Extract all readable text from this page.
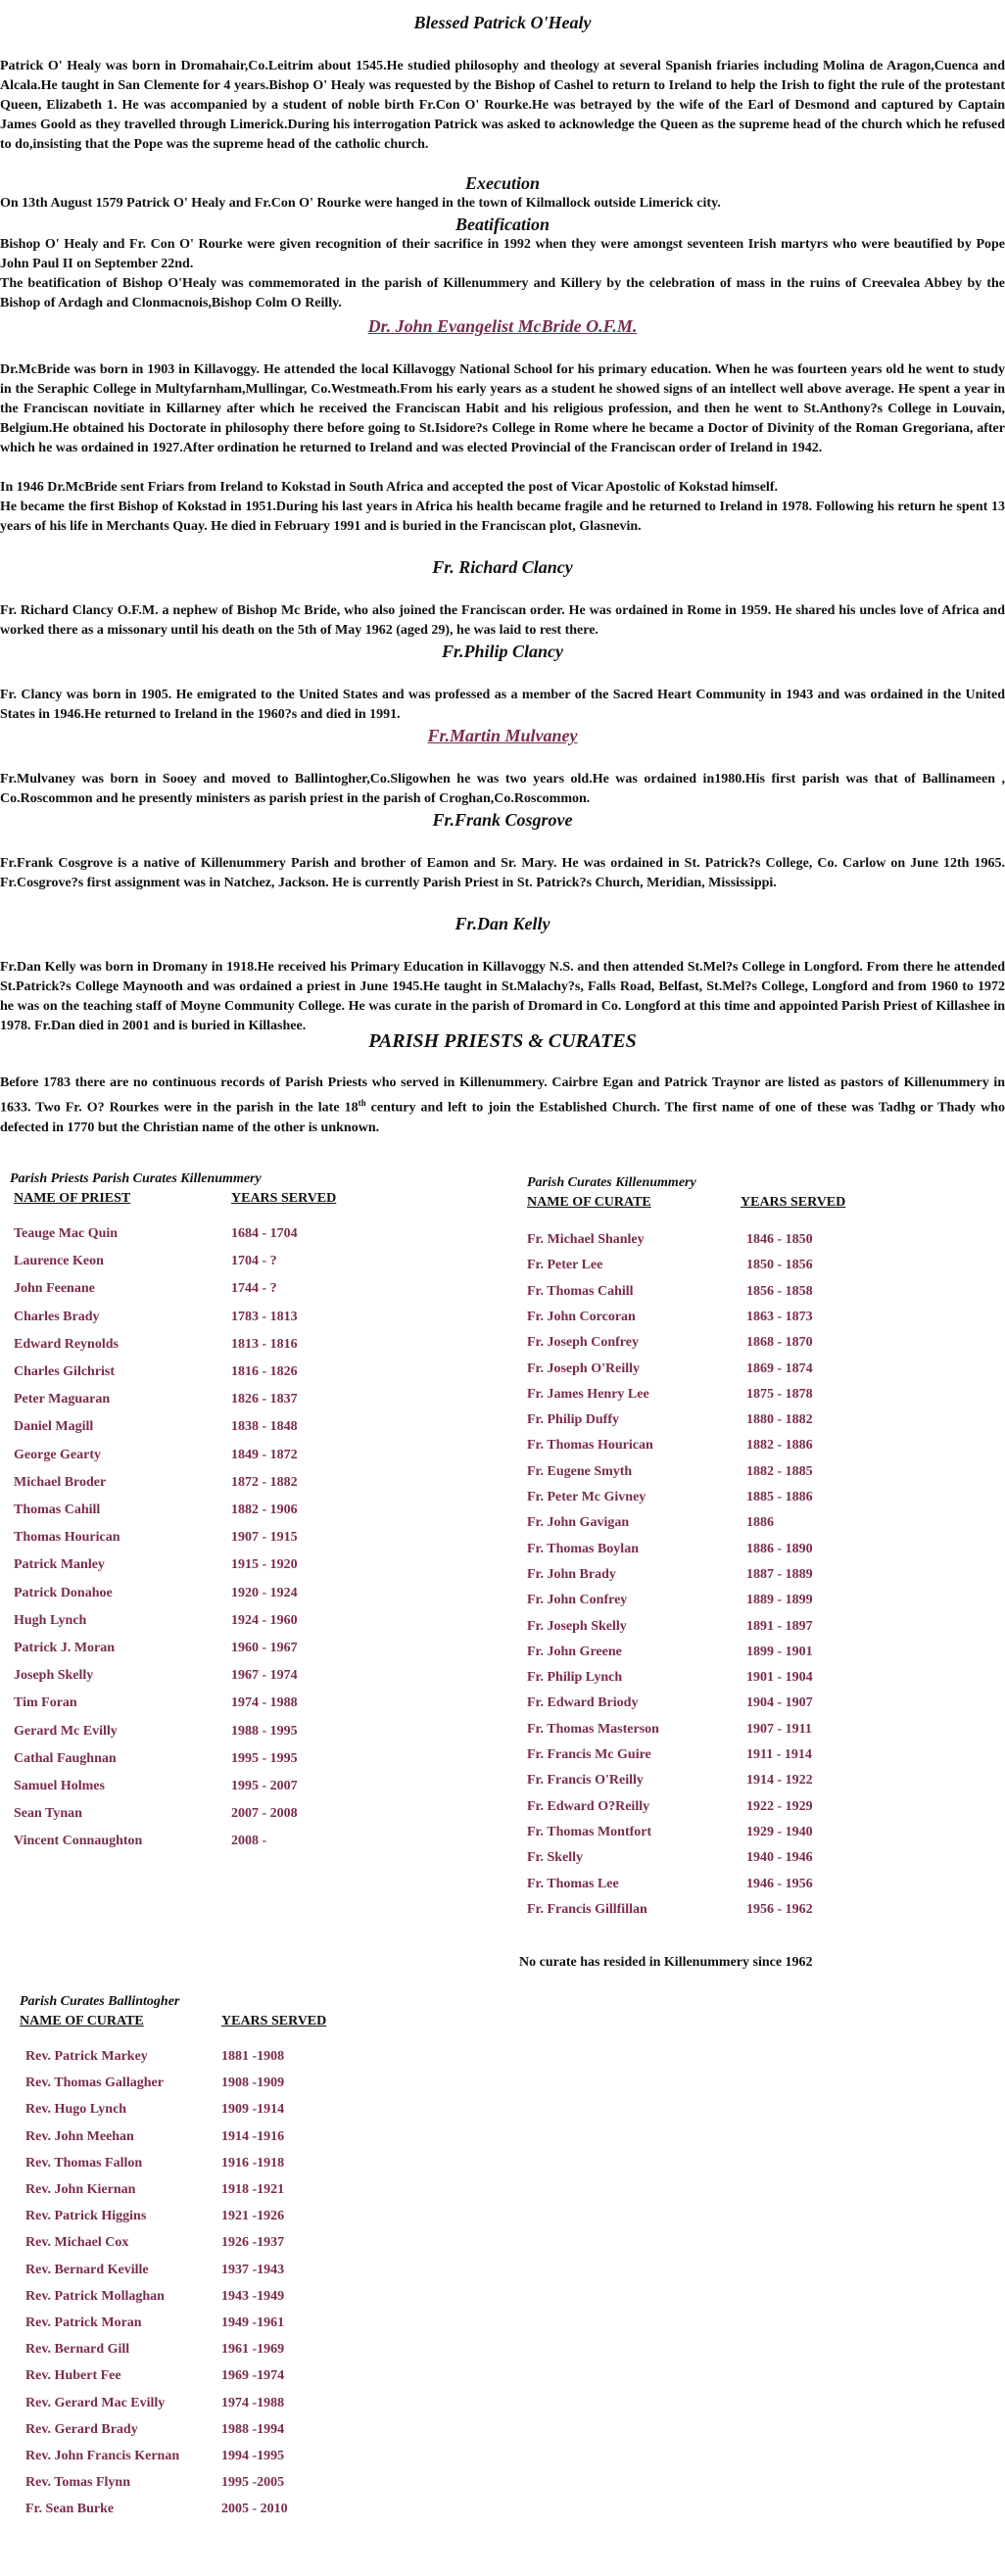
Blessed Patrick O'Healy

Patrick O' Healy was born in Dromahair,Co.Leitrim about 1545.He studied philosophy and theology at several Spanish friaries including Molina de Aragon,Cuenca and Alcala.He taught in San Clemente for 4 years.Bishop O' Healy was requested by the Bishop of Cashel to return to Ireland to help the Irish to fight the rule of the protestant Queen, Elizabeth 1. He was accompanied by a student of noble birth Fr.Con O' Rourke.He was betrayed by the wife of the Earl of Desmond and captured by Captain James Goold as they travelled through Limerick.During his interrogation Patrick was asked to acknowledge the Queen as the supreme head of the church which he refused to do,insisting that the Pope was the supreme head of the catholic church.

Execution

On 13th August 1579 Patrick O' Healy and Fr.Con O' Rourke were hanged in the town of Kilmallock outside Limerick city.

Beatification

Bishop O' Healy and Fr. Con O' Rourke were given recognition of their sacrifice in 1992 when they were amongst seventeen Irish martyrs who were beautified by Pope John Paul II on September 22nd.

The beatification of Bishop O'Healy was commemorated in the parish of Killenummery and Killery by the celebration of mass in the ruins of Creevalea Abbey by the Bishop of Ardagh and Clonmacnois,Bishop Colm O Reilly.

Dr. John Evangelist McBride O.F.M.

Dr.McBride was born in 1903 in Killavoggy. He attended the local Killavoggy National School for his primary education. When he was fourteen years old he went to study in the Seraphic College in Multyfarnham,Mullingar, Co.Westmeath.From his early years as a student he showed signs of an intellect well above average. He spent a year in the Franciscan novitiate in Killarney after which he received the Franciscan Habit and his religious profession, and then he went to St.Anthony?s College in Louvain, Belgium.He obtained his Doctorate in philosophy there before going to St.Isidore?s College in Rome where he became a Doctor of Divinity of the Roman Gregoriana, after which he was ordained in 1927.After ordination he returned to Ireland and was elected Provincial of the Franciscan order of Ireland in 1942.

In 1946 Dr.McBride sent Friars from Ireland to Kokstad in South Africa and accepted the post of Vicar Apostolic of Kokstad himself.

He became the first Bishop of Kokstad in 1951.During his last years in Africa his health became fragile and he returned to Ireland in 1978. Following his return he spent 13 years of his life in Merchants Quay. He died in February 1991 and is buried in the Franciscan plot, Glasnevin.

Fr. Richard Clancy

Fr. Richard Clancy O.F.M. a nephew of Bishop Mc Bride, who also joined the Franciscan order. He was ordained in Rome in 1959. He shared his uncles love of Africa and worked there as a missonary until his death on the 5th of May 1962 (aged 29), he was laid to rest there.

Fr.Philip Clancy

Fr. Clancy was born in 1905. He emigrated to the United States and was professed as a member of the Sacred Heart Community in 1943 and was ordained in the United States in 1946.He returned to Ireland in the 1960?s and died in 1991.

Fr.Martin Mulvaney

Fr.Mulvaney was born in Sooey and moved to Ballintogher,Co.Sligowhen he was two years old.He was ordained in1980.His first parish was that of Ballinameen , Co.Roscommon and he presently ministers as parish priest in the parish of Croghan,Co.Roscommon.

Fr.Frank Cosgrove

Fr.Frank Cosgrove is a native of Killenummery Parish and brother of Eamon and Sr. Mary. He was ordained in St. Patrick?s College, Co. Carlow on June 12th 1965. Fr.Cosgrove?s first assignment was in Natchez, Jackson. He is currently Parish Priest in St. Patrick?s Church, Meridian, Mississippi.

Fr.Dan Kelly

Fr.Dan Kelly was born in Dromany in 1918.He received his Primary Education in Killavoggy N.S. and then attended St.Mel?s College in Longford. From there he attended St.Patrick?s College Maynooth and was ordained a priest in June 1945.He taught in St.Malachy?s, Falls Road, Belfast, St.Mel?s College, Longford and from 1960 to 1972 he was on the teaching staff of Moyne Community College. He was curate in the parish of Dromard in Co. Longford at this time and appointed Parish Priest of Killashee in 1978. Fr.Dan died in 2001 and is buried in Killashee.

PARISH PRIESTS & CURATES

Before 1783 there are no continuous records of Parish Priests who served in Killenummery. Cairbre Egan and Patrick Traynor are listed as pastors of Killenummery in 1633. Two Fr. O? Rourkes were in the parish in the late 18th century and left to join the Established Church. The first name of one of these was Tadhg or Thady who defected in 1770 but the Christian name of the other is unknown.

Parish Priests Parish Curates Killenummery
NAME OF PRIEST	YEARS SERVED
Teauge Mac Quin	1684 - 1704
Laurence Keon	1704 - ?
John Feenane	1744 - ?
Charles Brady	1783 - 1813
Edward Reynolds	1813 - 1816
Charles Gilchrist	1816 - 1826
Peter Maguaran	1826 - 1837
Daniel Magill	1838 - 1848
George Gearty	1849 - 1872
Michael Broder	1872 - 1882
Thomas Cahill	1882 - 1906
Thomas Hourican	1907 - 1915
Patrick Manley	1915 - 1920
Patrick Donahoe	1920 - 1924
Hugh Lynch	1924 - 1960
Patrick J. Moran	1960 - 1967
Joseph Skelly	1967 - 1974
Tim Foran	1974 - 1988
Gerard Mc Evilly	1988 - 1995
Cathal Faughnan	1995 - 1995
Samuel Holmes	1995 - 2007
Sean Tynan	2007 - 2008
Vincent Connaughton	2008 -
Parish Curates Killenummery
NAME OF CURATE	YEARS SERVED
Fr. Michael Shanley	1846 - 1850
Fr. Peter Lee	1850 - 1856
Fr. Thomas Cahill	1856 - 1858
Fr. John Corcoran	1863 - 1873
Fr. Joseph Confrey	1868 - 1870
Fr. Joseph O'Reilly	1869 - 1874
Fr. James Henry Lee	1875 - 1878
Fr. Philip Duffy	1880 - 1882
Fr. Thomas Hourican	1882 - 1886
Fr. Eugene Smyth	1882 - 1885
Fr. Peter Mc Givney	1885 - 1886
Fr. John Gavigan	1886
Fr. Thomas Boylan	1886 - 1890
Fr. John Brady	1887 - 1889
Fr. John Confrey	1889 - 1899
Fr. Joseph Skelly	1891 - 1897
Fr. John Greene	1899 - 1901
Fr. Philip Lynch	1901 - 1904
Fr. Edward Briody	1904 - 1907
Fr. Thomas Masterson	1907 - 1911
Fr. Francis Mc Guire	1911 - 1914
Fr. Francis O'Reilly	1914 - 1922
Fr. Edward O?Reilly	1922 - 1929
Fr. Thomas Montfort	1929 - 1940
Fr. Skelly	1940 - 1946
Fr. Thomas Lee	1946 - 1956
Fr. Francis Gillfillan	1956 - 1962
No curate has resided in Killenummery since 1962
Parish Curates Ballintogher
NAME OF CURATE	YEARS SERVED
Rev. Patrick Markey	1881 -1908
Rev. Thomas Gallagher	1908 -1909
Rev. Hugo Lynch	1909 -1914
Rev. John Meehan	1914 -1916
Rev. Thomas Fallon	1916 -1918
Rev. John Kiernan	1918 -1921
Rev. Patrick Higgins	1921 -1926
Rev. Michael Cox	1926 -1937
Rev. Bernard Keville	1937 -1943
Rev. Patrick Mollaghan	1943 -1949
Rev. Patrick Moran	1949 -1961
Rev. Bernard Gill	1961 -1969
Rev. Hubert Fee	1969 -1974
Rev. Gerard Mac Evilly	1974 -1988
Rev. Gerard Brady	1988 -1994
Rev. John Francis Kernan	1994 -1995
Rev. Tomas Flynn	1995 -2005
Fr. Sean Burke	2005 - 2010
